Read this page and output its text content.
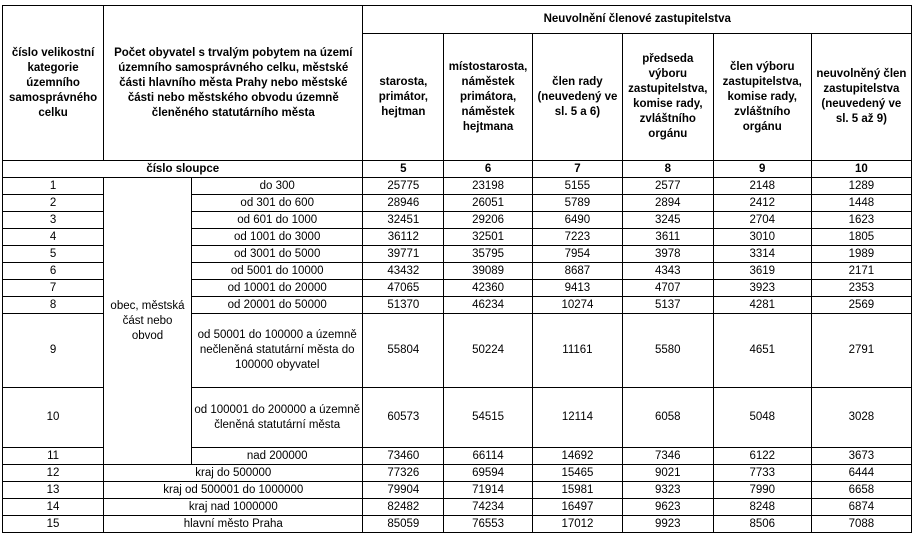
číslo velikostní kategorie územního samosprávného celku	Počet obyvatel s trvalým pobytem na území územního samosprávného celku, městské části hlavního města Prahy nebo městské části nebo městského obvodu územně členěného statutárního města		Neuvolnění členové zastupitelstva					
			starosta, primátor, hejtman	místostarosta, náměstek primátora, náměstek hejtmana	člen rady (neuvedený ve sl. 5 a 6)	předseda výboru zastupitelstva, komise rady, zvláštního orgánu	člen výboru zastupitelstva, komise rady, zvláštního orgánu	neuvolněný člen zastupitelstva (neuvedený ve sl. 5 až 9)
číslo sloupce			5	6	7	8	9	10
1	obec, městská část nebo obvod	do 300	25775	23198	5155	2577	2148	1289
2		od 301 do 600	28946	26051	5789	2894	2412	1448
3		od 601 do 1000	32451	29206	6490	3245	2704	1623
4		od 1001 do 3000	36112	32501	7223	3611	3010	1805
5		od 3001 do 5000	39771	35795	7954	3978	3314	1989
6		od 5001 do 10000	43432	39089	8687	4343	3619	2171
7		od 10001 do 20000	47065	42360	9413	4707	3923	2353
8		od 20001 do 50000	51370	46234	10274	5137	4281	2569
9		od 50001 do 100000 a územně nečleněná statutární města do 100000 obyvatel	55804	50224	11161	5580	4651	2791
10		od 100001 do 200000 a územně členěná statutární města	60573	54515	12114	6058	5048	3028
11		nad 200000	73460	66114	14692	7346	6122	3673
12	kraj do 500000		77326	69594	15465	9021	7733	6444
13	kraj od 500001 do 1000000		79904	71914	15981	9323	7990	6658
14	kraj nad 1000000		82482	74234	16497	9623	8248	6874
15	hlavní město Praha		85059	76553	17012	9923	8506	7088
